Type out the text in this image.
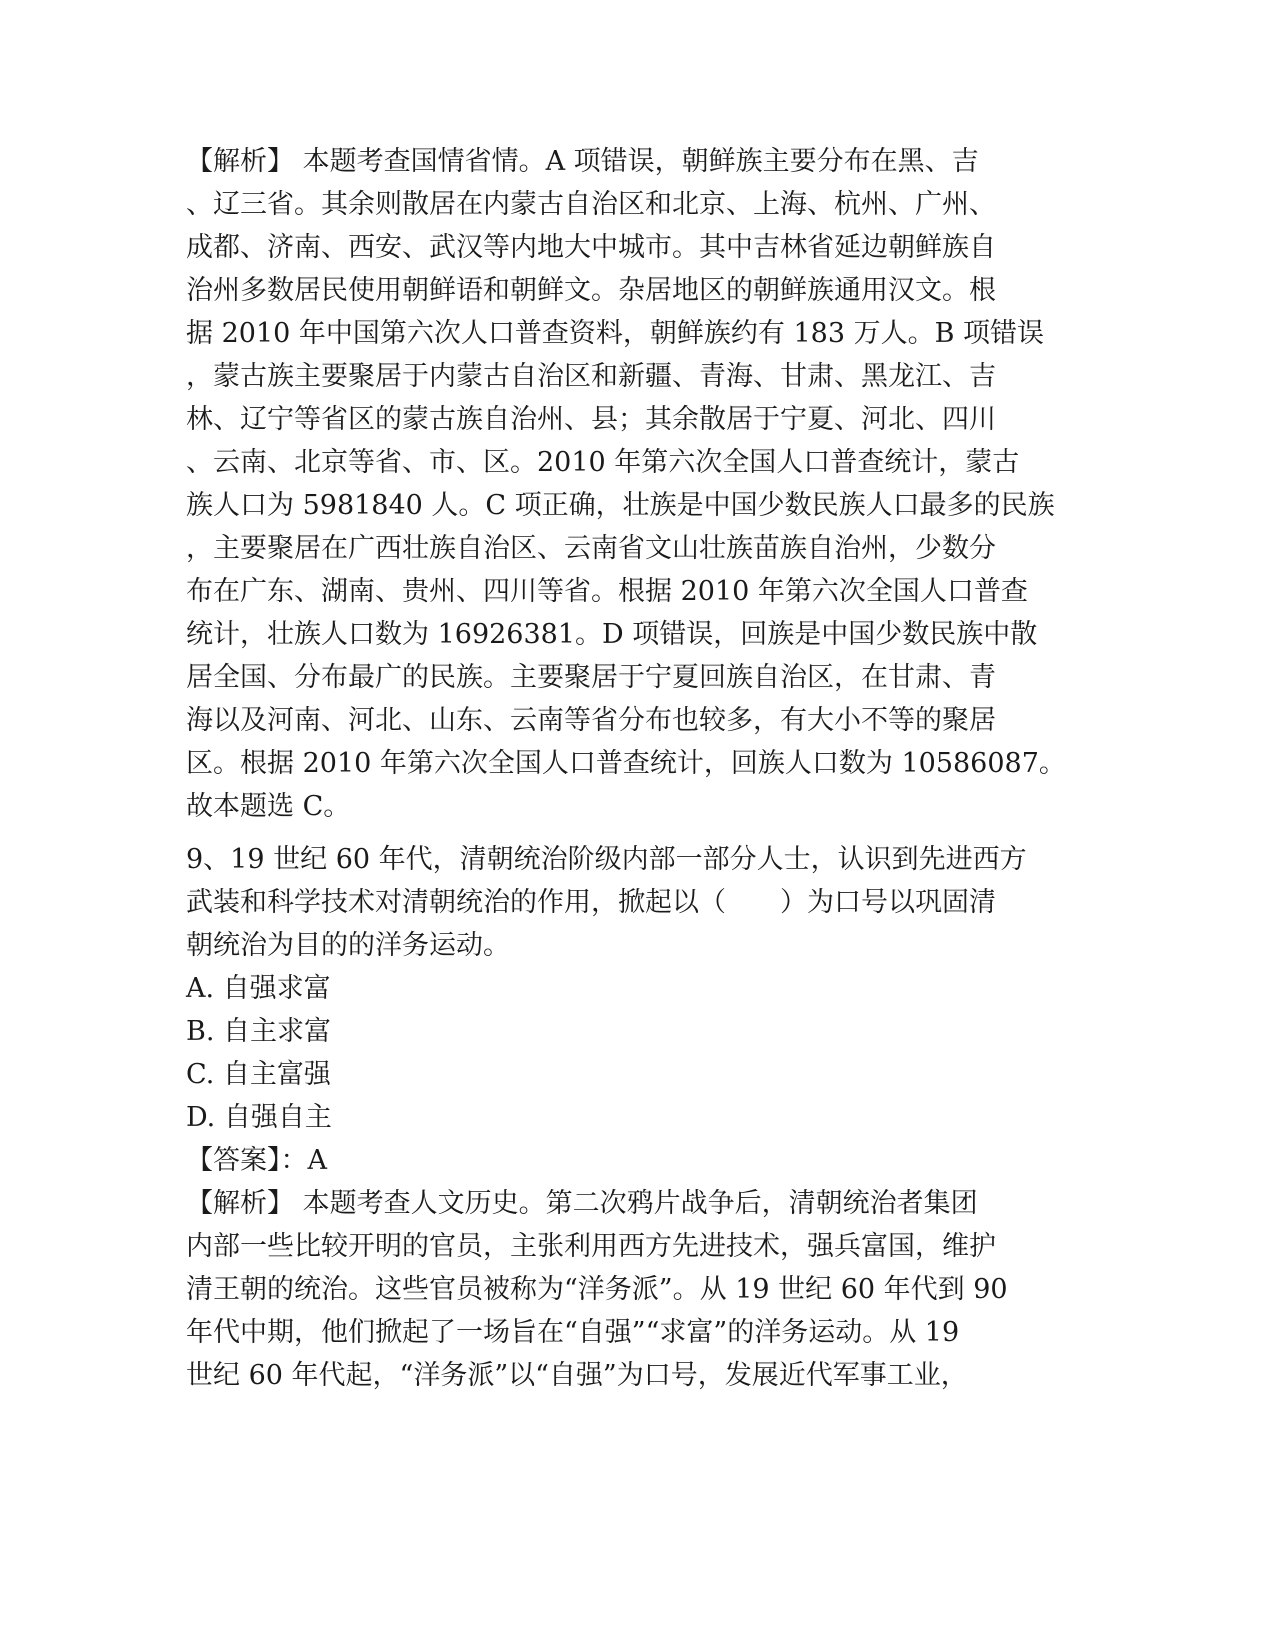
【解析】 本题考查国情省情。A 项错误，朝鲜族主要分布在黑、吉
、辽三省。其余则散居在内蒙古自治区和北京、上海、杭州、广州、
成都、济南、西安、武汉等内地大中城市。其中吉林省延边朝鲜族自
治州多数居民使用朝鲜语和朝鲜文。杂居地区的朝鲜族通用汉文。根
据 2010 年中国第六次人口普查资料，朝鲜族约有 183 万人。B 项错误
，蒙古族主要聚居于内蒙古自治区和新疆、青海、甘肃、黑龙江、吉
林、辽宁等省区的蒙古族自治州、县；其余散居于宁夏、河北、四川
、云南、北京等省、市、区。2010 年第六次全国人口普查统计，蒙古
族人口为 5981840 人。C 项正确，壮族是中国少数民族人口最多的民族
，主要聚居在广西壮族自治区、云南省文山壮族苗族自治州，少数分
布在广东、湖南、贵州、四川等省。根据 2010 年第六次全国人口普查
统计，壮族人口数为 16926381。D 项错误，回族是中国少数民族中散
居全国、分布最广的民族。主要聚居于宁夏回族自治区，在甘肃、青
海以及河南、河北、山东、云南等省分布也较多，有大小不等的聚居
区。根据 2010 年第六次全国人口普查统计，回族人口数为 10586087。
故本题选 C。
9、19 世纪 60 年代，清朝统治阶级内部一部分人士，认识到先进西方
武装和科学技术对清朝统治的作用，掀起以（　　）为口号以巩固清
朝统治为目的的洋务运动。
A. 自强求富
B. 自主求富
C. 自主富强
D. 自强自主
【答案】：A
【解析】 本题考查人文历史。第二次鸦片战争后，清朝统治者集团
内部一些比较开明的官员，主张利用西方先进技术，强兵富国，维护
清王朝的统治。这些官员被称为“洋务派”。从 19 世纪 60 年代到 90
年代中期，他们掀起了一场旨在“自强”“求富”的洋务运动。从 19
世纪 60 年代起，“洋务派”以“自强”为口号，发展近代军事工业，
